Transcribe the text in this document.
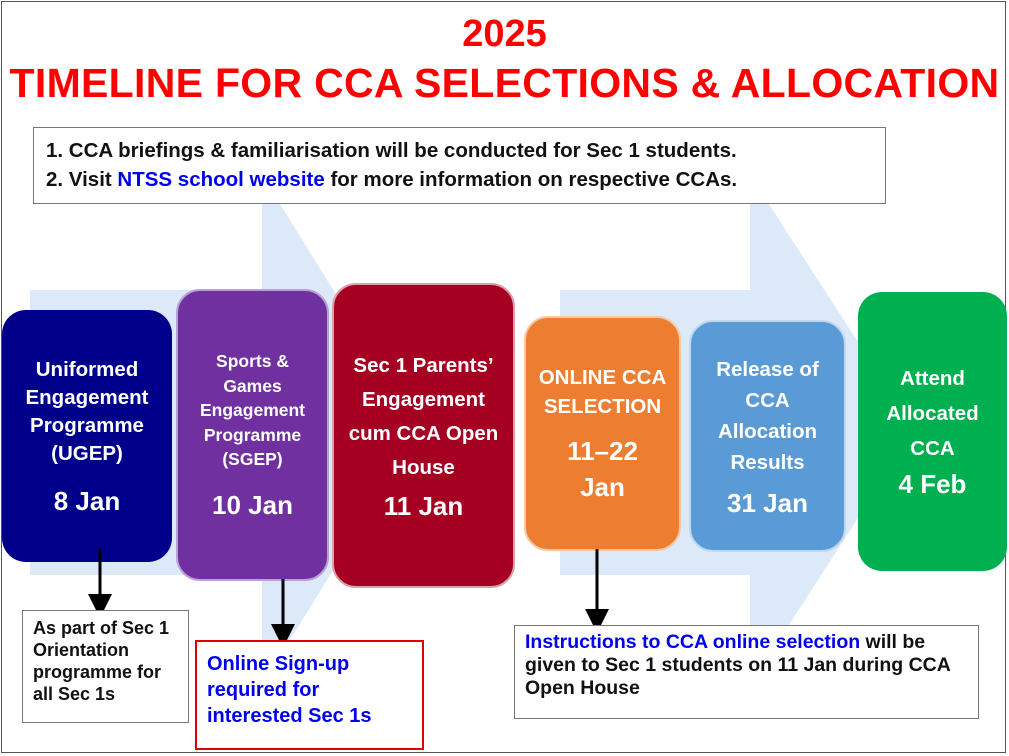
2025
TIMELINE FOR CCA SELECTIONS & ALLOCATION
1. CCA briefings & familiarisation will be conducted for Sec 1 students.
2. Visit NTSS school website for more information on respective CCAs.
Uniformed Engagement Programme (UGEP)
8 Jan
Sports & Games Engagement Programme (SGEP)
10 Jan
Sec 1 Parents’ Engagement cum CCA Open House
11 Jan
ONLINE CCA SELECTION
11–22 Jan
Release of CCA Allocation Results
31 Jan
Attend Allocated CCA
4 Feb
As part of Sec 1 Orientation programme for all Sec 1s
Online Sign-up required for interested Sec 1s
Instructions to CCA online selection will be given to Sec 1 students on 11 Jan during CCA Open House
